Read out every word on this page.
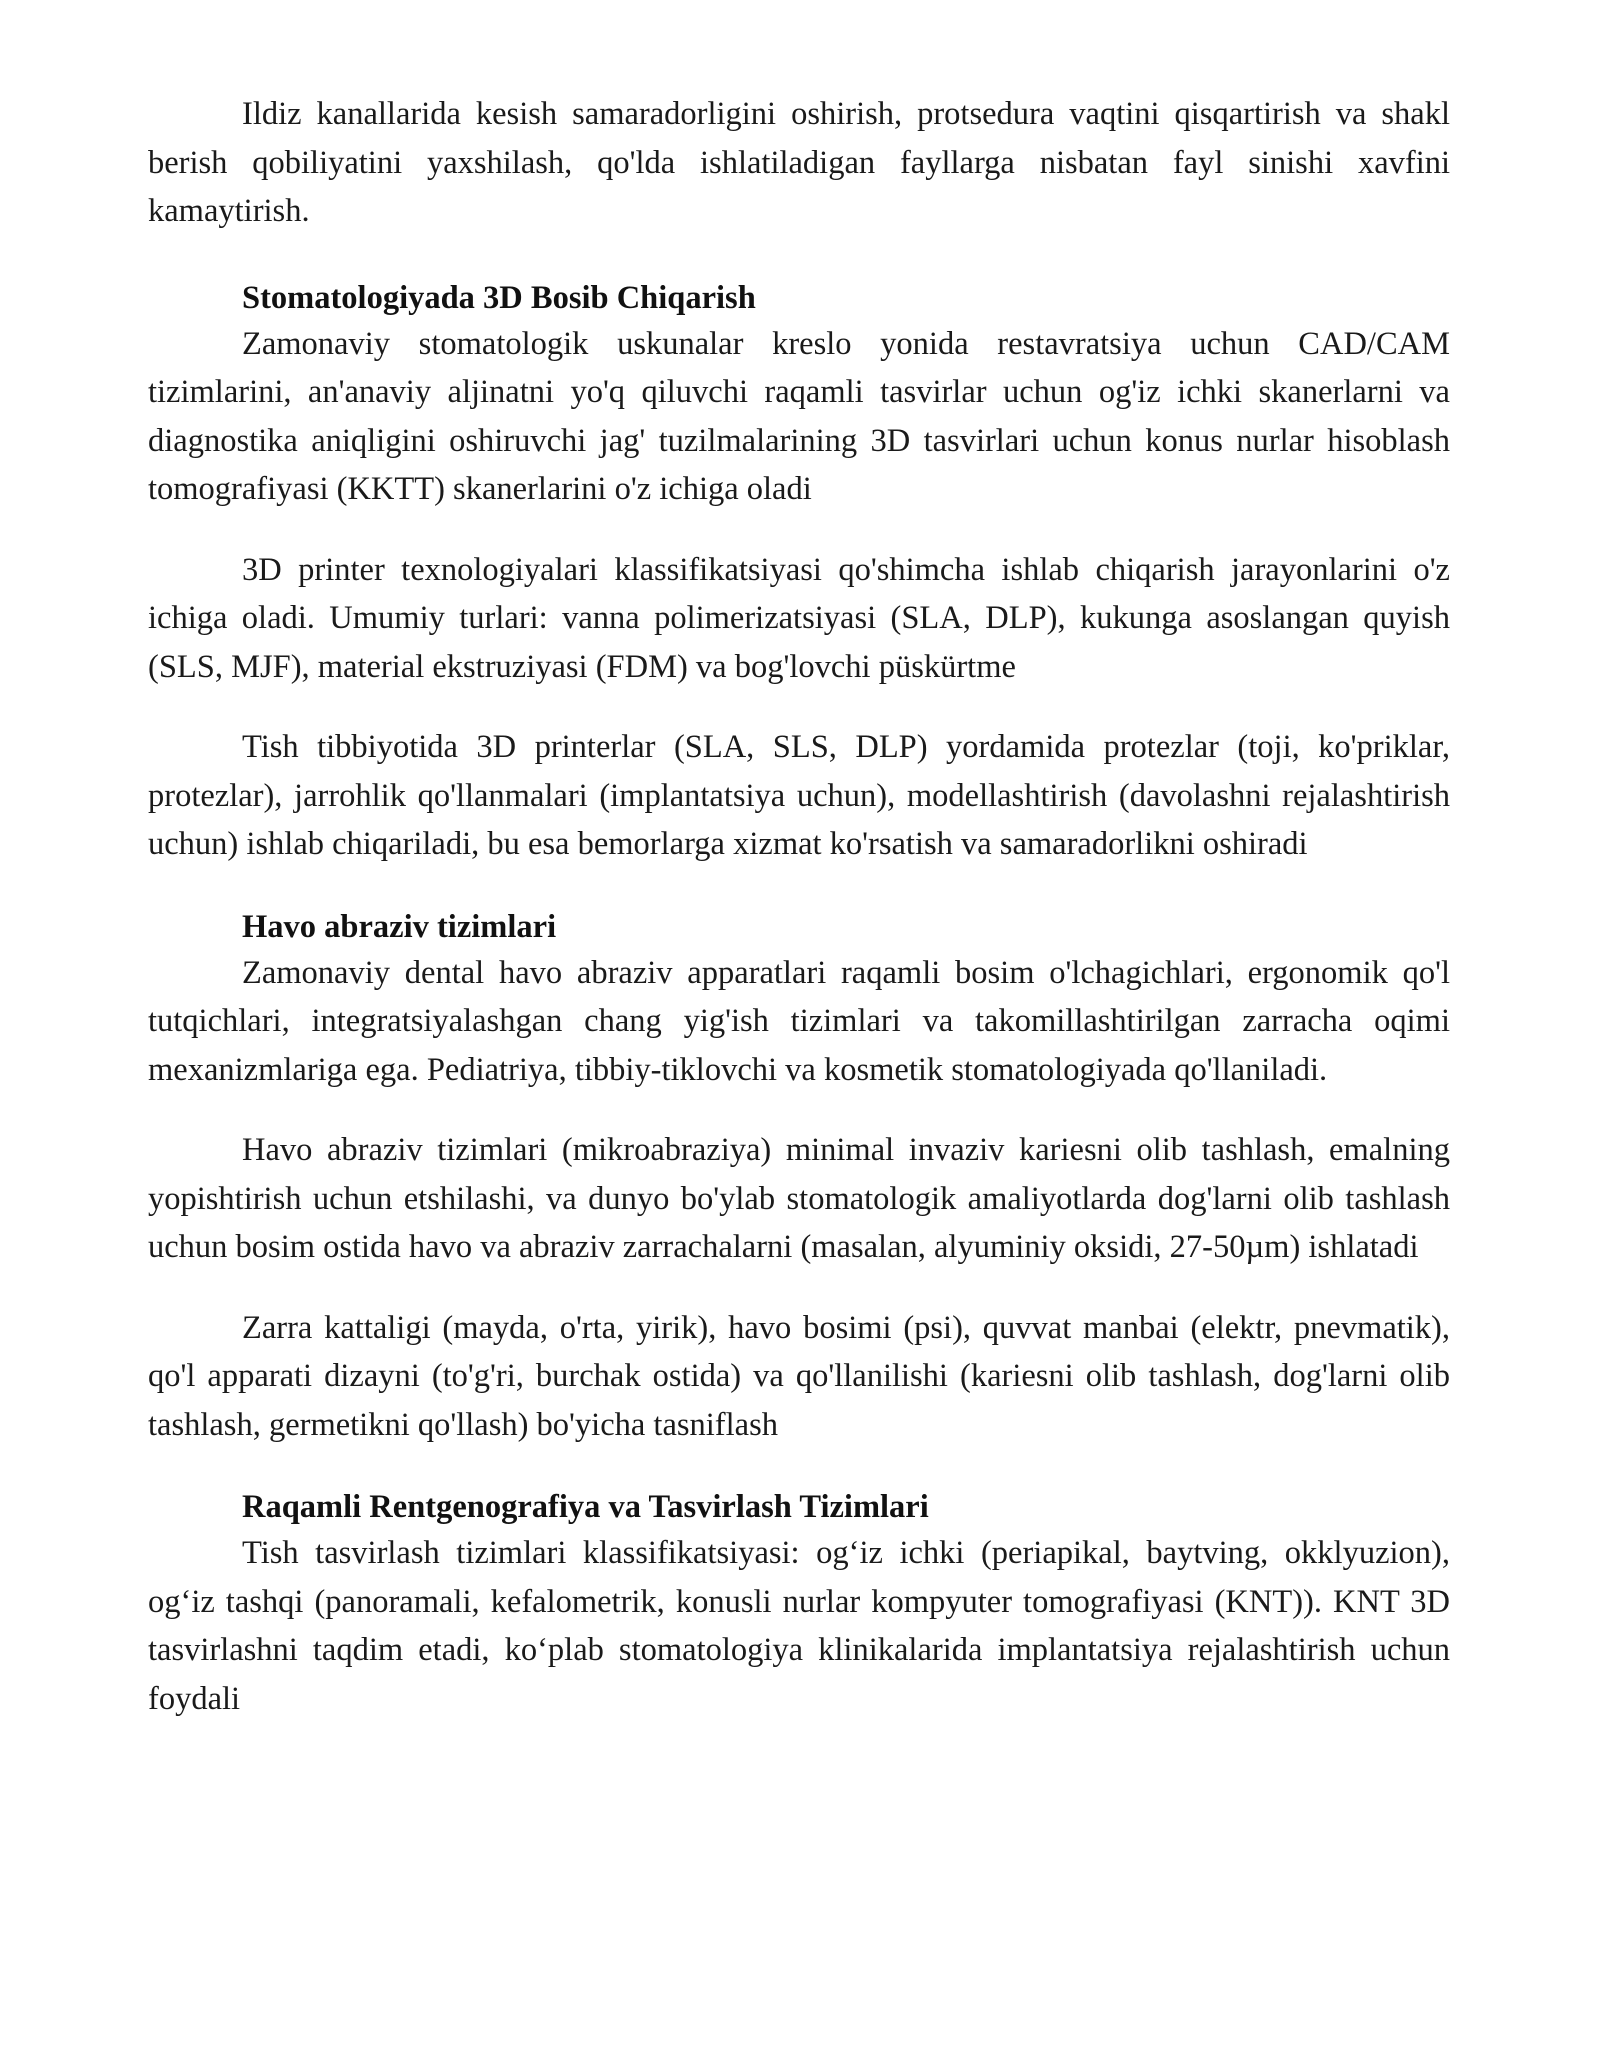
Ildiz kanallarida kesish samaradorligini oshirish, protsedura vaqtini qisqartirish va shakl berish qobiliyatini yaxshilash, qo'lda ishlatiladigan fayllarga nisbatan fayl sinishi xavfini kamaytirish.

Stomatologiyada 3D Bosib Chiqarish

Zamonaviy stomatologik uskunalar kreslo yonida restavratsiya uchun CAD/CAM tizimlarini, an'anaviy aljinatni yo'q qiluvchi raqamli tasvirlar uchun og'iz ichki skanerlarni va diagnostika aniqligini oshiruvchi jag' tuzilmalarining 3D tasvirlari uchun konus nurlar hisoblash tomografiyasi (KKTT) skanerlarini o'z ichiga oladi

3D printer texnologiyalari klassifikatsiyasi qo'shimcha ishlab chiqarish jarayonlarini o'z ichiga oladi. Umumiy turlari: vanna polimerizatsiyasi (SLA, DLP), kukunga asoslangan quyish (SLS, MJF), material ekstruziyasi (FDM) va bog'lovchi püskürtme

Tish tibbiyotida 3D printerlar (SLA, SLS, DLP) yordamida protezlar (toji, ko'priklar, protezlar), jarrohlik qo'llanmalari (implantatsiya uchun), modellashtirish (davolashni rejalashtirish uchun) ishlab chiqariladi, bu esa bemorlarga xizmat ko'rsatish va samaradorlikni oshiradi

Havo abraziv tizimlari

Zamonaviy dental havo abraziv apparatlari raqamli bosim o'lchagichlari, ergonomik qo'l tutqichlari, integratsiyalashgan chang yig'ish tizimlari va takomillashtirilgan zarracha oqimi mexanizmlariga ega. Pediatriya, tibbiy-tiklovchi va kosmetik stomatologiyada qo'llaniladi.

Havo abraziv tizimlari (mikroabraziya) minimal invaziv kariesni olib tashlash, emalning yopishtirish uchun etshilashi, va dunyo bo'ylab stomatologik amaliyotlarda dog'larni olib tashlash uchun bosim ostida havo va abraziv zarrachalarni (masalan, alyuminiy oksidi, 27-50µm) ishlatadi

Zarra kattaligi (mayda, o'rta, yirik), havo bosimi (psi), quvvat manbai (elektr, pnevmatik), qo'l apparati dizayni (to'g'ri, burchak ostida) va qo'llanilishi (kariesni olib tashlash, dog'larni olib tashlash, germetikni qo'llash) bo'yicha tasniflash

Raqamli Rentgenografiya va Tasvirlash Tizimlari

Tish tasvirlash tizimlari klassifikatsiyasi: og‘iz ichki (periapikal, baytving, okklyuzion), og‘iz tashqi (panoramali, kefalometrik, konusli nurlar kompyuter tomografiyasi (KNT)). KNT 3D tasvirlashni taqdim etadi, ko‘plab stomatologiya klinikalarida implantatsiya rejalashtirish uchun foydali
